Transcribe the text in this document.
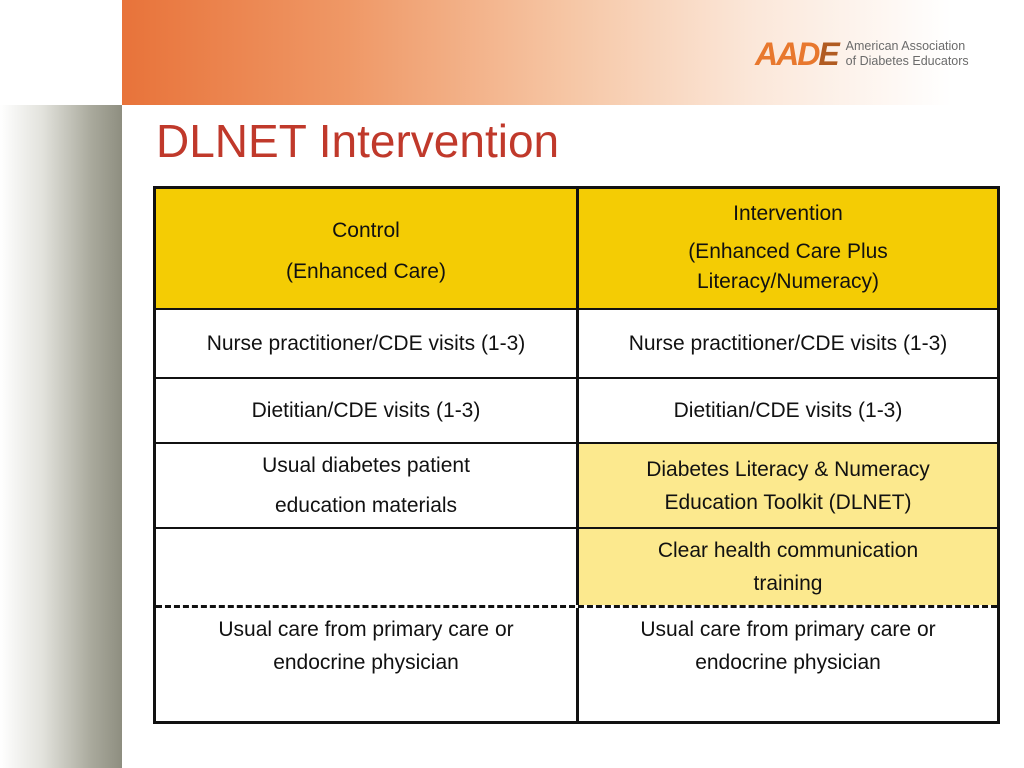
AADE American Association
of Diabetes Educators
DLNET Intervention
Control
(Enhanced Care)
Intervention
(Enhanced Care Plus
Literacy/Numeracy)
Nurse practitioner/CDE visits (1-3)	Nurse practitioner/CDE visits (1-3)
Dietitian/CDE visits (1-3)	Dietitian/CDE visits (1-3)
Usual diabetes patient
education materials
Diabetes Literacy & Numeracy
Education Toolkit (DLNET)
Clear health communication
training
Usual care from primary care or
endocrine physician
Usual care from primary care or
endocrine physician
